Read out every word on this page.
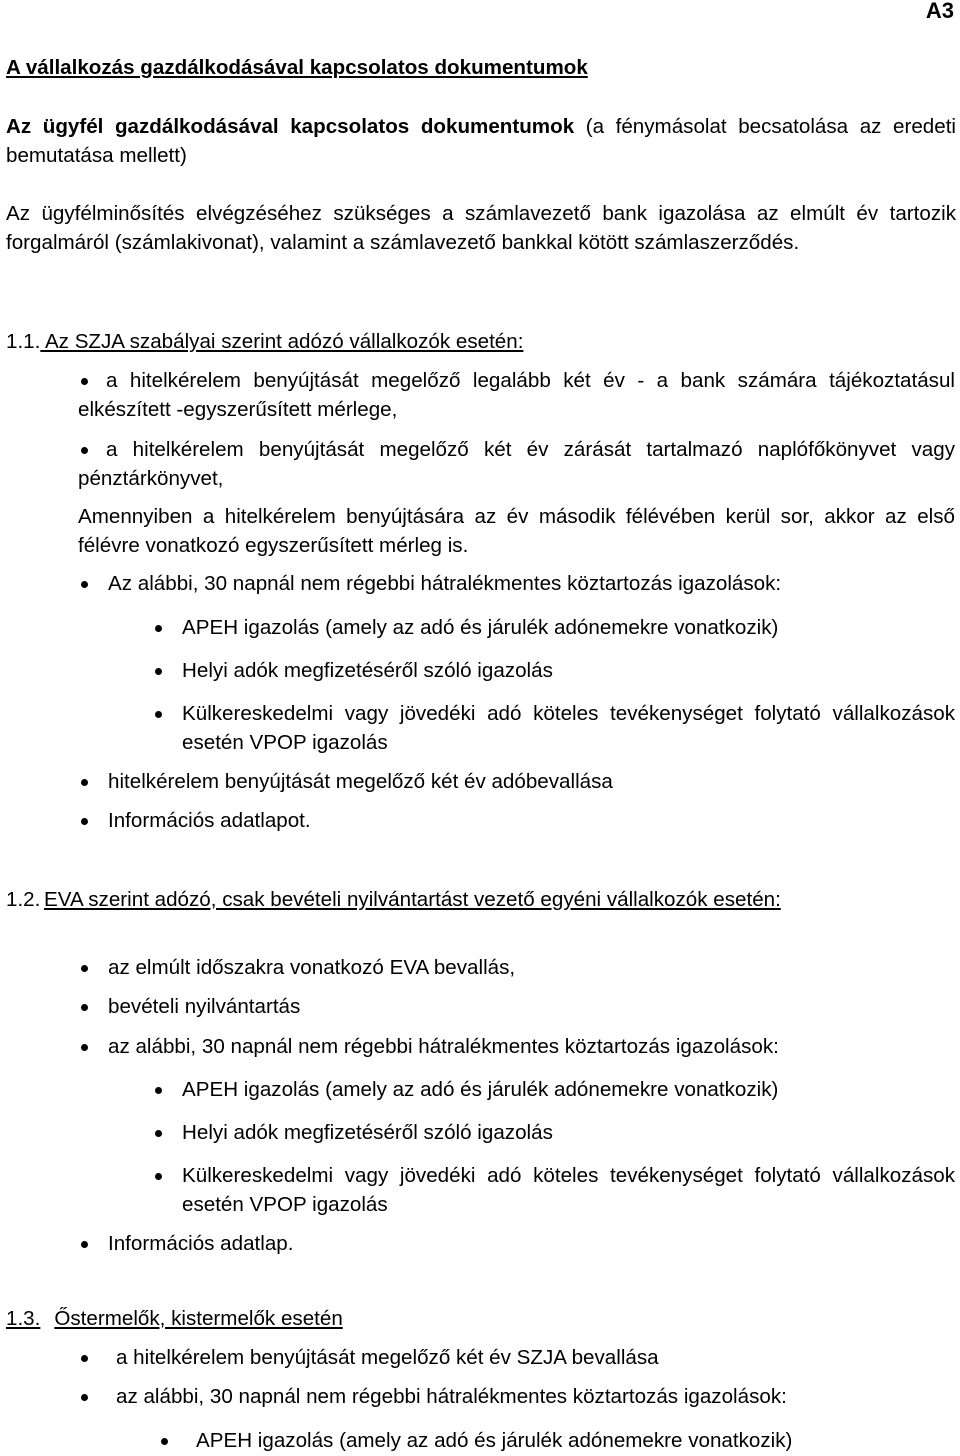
A3
A vállalkozás gazdálkodásával kapcsolatos dokumentumok
Az ügyfél gazdálkodásával kapcsolatos dokumentumok (a fénymásolat becsatolása az eredeti bemutatása mellett)
Az ügyfélminősítés elvégzéséhez szükséges a számlavezető bank igazolása az elmúlt év tartozik forgalmáról (számlakivonat), valamint a számlavezető bankkal kötött számlaszerződés.
1.1. Az SZJA szabályai szerint adózó vállalkozók esetén:
a hitelkérelem benyújtását megelőző legalább két év - a bank számára tájékoztatásul elkészített -egyszerűsített mérlege,
a hitelkérelem benyújtását megelőző két év zárását tartalmazó naplófőkönyvet vagy pénztárkönyvet,
Amennyiben a hitelkérelem benyújtására az év második félévében kerül sor, akkor az első félévre vonatkozó egyszerűsített mérleg is.
Az alábbi, 30 napnál nem régebbi hátralékmentes köztartozás igazolások:
APEH igazolás (amely az adó és járulék adónemekre vonatkozik)
Helyi adók megfizetéséről szóló igazolás
Külkereskedelmi vagy jövedéki adó köteles tevékenységet folytató vállalkozások esetén VPOP igazolás
hitelkérelem benyújtását megelőző két év adóbevallása
Információs adatlapot.
1.2. EVA szerint adózó, csak bevételi nyilvántartást vezető egyéni vállalkozók esetén:
az elmúlt időszakra vonatkozó EVA bevallás,
bevételi nyilvántartás
az alábbi, 30 napnál nem régebbi hátralékmentes köztartozás igazolások:
APEH igazolás (amely az adó és járulék adónemekre vonatkozik)
Helyi adók megfizetéséről szóló igazolás
Külkereskedelmi vagy jövedéki adó köteles tevékenységet folytató vállalkozások esetén VPOP igazolás
Információs adatlap.
1.3. Őstermelők, kistermelők esetén
a hitelkérelem benyújtását megelőző két év SZJA bevallása
az alábbi, 30 napnál nem régebbi hátralékmentes köztartozás igazolások:
APEH igazolás (amely az adó és járulék adónemekre vonatkozik)
